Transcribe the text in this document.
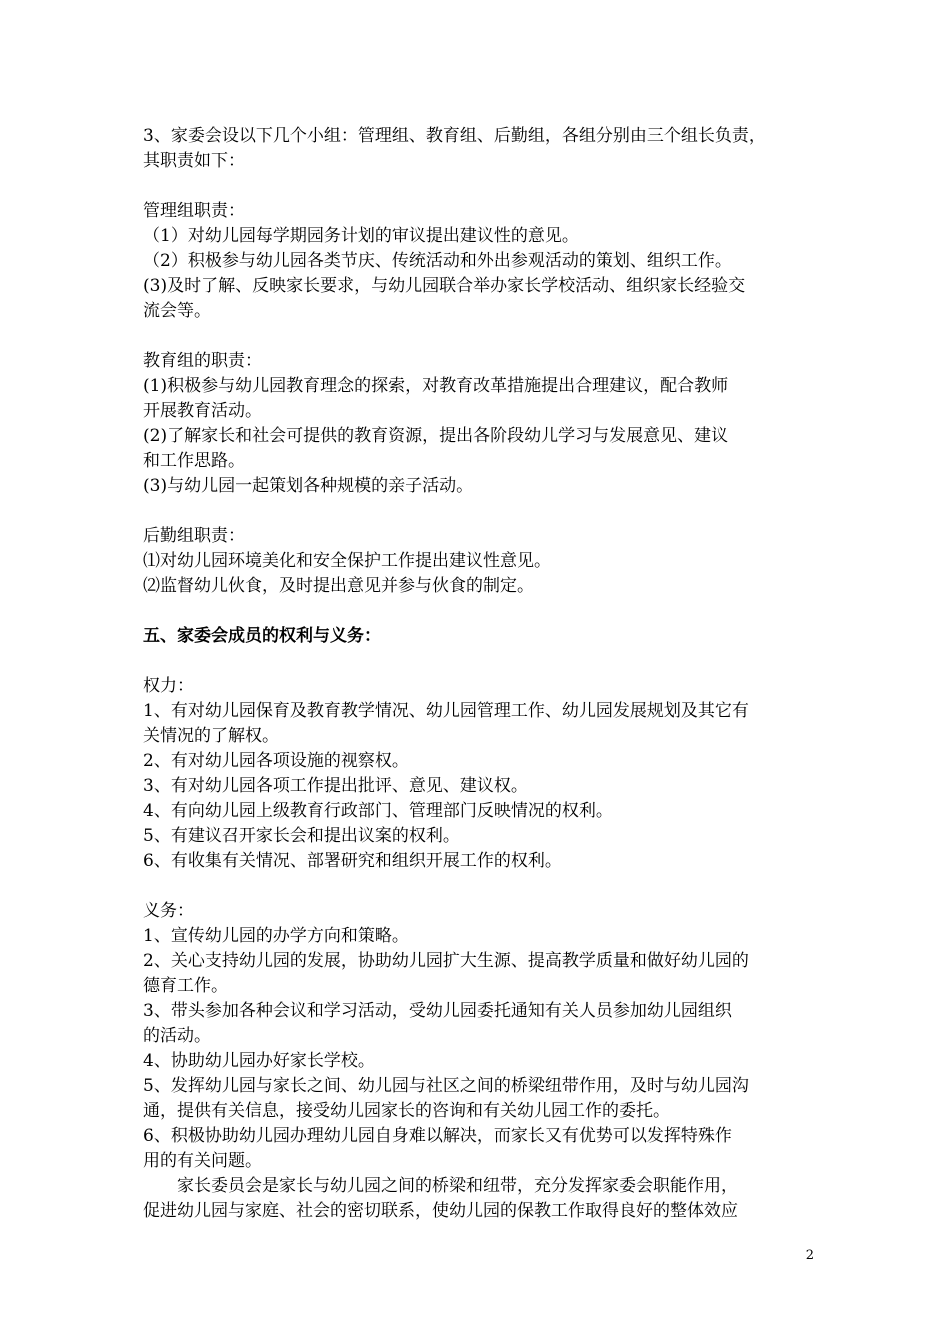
3、家委会设以下几个小组：管理组、教育组、后勤组，各组分别由三个组长负责，

其职责如下：

管理组职责：

（1）对幼儿园每学期园务计划的审议提出建议性的意见。

（2）积极参与幼儿园各类节庆、传统活动和外出参观活动的策划、组织工作。

(3)及时了解、反映家长要求，与幼儿园联合举办家长学校活动、组织家长经验交

流会等。

教育组的职责：

(1)积极参与幼儿园教育理念的探索，对教育改革措施提出合理建议，配合教师

开展教育活动。

(2)了解家长和社会可提供的教育资源，提出各阶段幼儿学习与发展意见、建议

和工作思路。

(3)与幼儿园一起策划各种规模的亲子活动。

后勤组职责：

⑴对幼儿园环境美化和安全保护工作提出建议性意见。

⑵监督幼儿伙食，及时提出意见并参与伙食的制定。

五、家委会成员的权利与义务：

权力：

1、有对幼儿园保育及教育教学情况、幼儿园管理工作、幼儿园发展规划及其它有

关情况的了解权。

2、有对幼儿园各项设施的视察权。

3、有对幼儿园各项工作提出批评、意见、建议权。

4、有向幼儿园上级教育行政部门、管理部门反映情况的权利。

5、有建议召开家长会和提出议案的权利。

6、有收集有关情况、部署研究和组织开展工作的权利。

义务：

1、宣传幼儿园的办学方向和策略。

2、关心支持幼儿园的发展，协助幼儿园扩大生源、提高教学质量和做好幼儿园的

德育工作。

3、带头参加各种会议和学习活动，受幼儿园委托通知有关人员参加幼儿园组织

的活动。

4、协助幼儿园办好家长学校。

5、发挥幼儿园与家长之间、幼儿园与社区之间的桥梁纽带作用，及时与幼儿园沟

通，提供有关信息，接受幼儿园家长的咨询和有关幼儿园工作的委托。

6、积极协助幼儿园办理幼儿园自身难以解决，而家长又有优势可以发挥特殊作

用的有关问题。

家长委员会是家长与幼儿园之间的桥梁和纽带，充分发挥家委会职能作用，

促进幼儿园与家庭、社会的密切联系，使幼儿园的保教工作取得良好的整体效应

2
